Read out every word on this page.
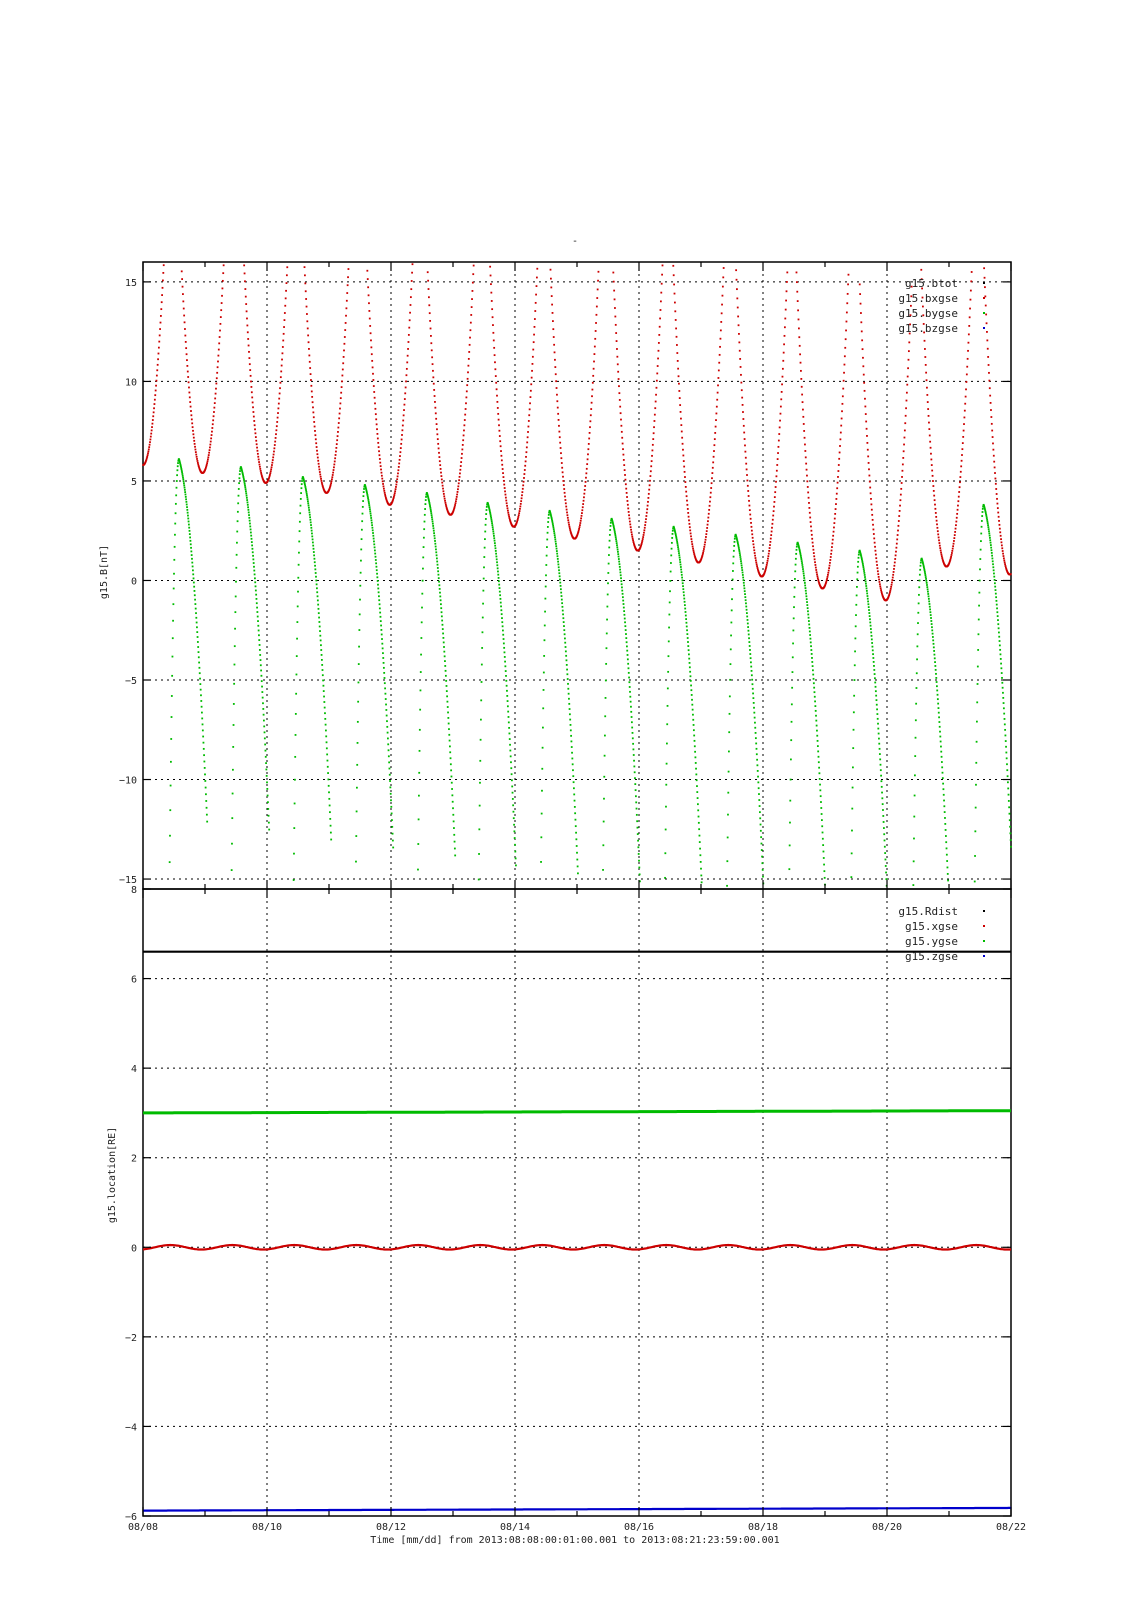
-
15
10
5
0
−5
−10
−15
g15.btot
g15.bxgse
g15.bygse
g15.bzgse
g15.B[nT]
8
6
4
2
0
−2
−4
−6
g15.Rdist
g15.xgse
g15.ygse
g15.zgse
g15.location[RE]
08/08	08/10	08/12	08/14	08/16	08/18	08/20	08/22
Time [mm/dd] from 2013:08:08:00:01:00.001 to 2013:08:21:23:59:00.001
